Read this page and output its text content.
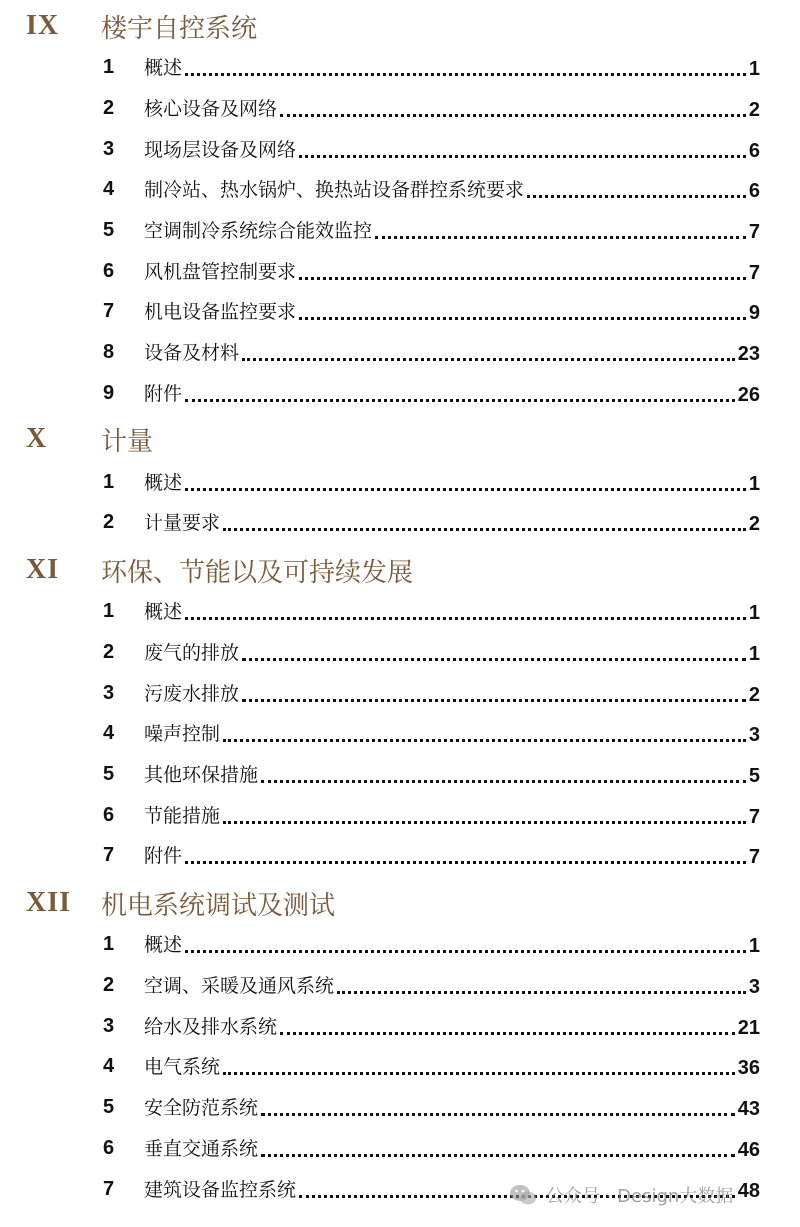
IX 楼宇自控系统
1 概述	1
2 核心设备及网络	2
3 现场层设备及网络	6
4 制冷站、热水锅炉、换热站设备群控系统要求	6
5 空调制冷系统综合能效监控	7
6 风机盘管控制要求	7
7 机电设备监控要求	9
8 设备及材料	23
9 附件	26
X 计量
1 概述	1
2 计量要求	2
XI 环保、节能以及可持续发展
1 概述	1
2 废气的排放	1
3 污废水排放	2
4 噪声控制	3
5 其他环保措施	5
6 节能措施	7
7 附件	7
XII 机电系统调试及测试
1 概述	1
2 空调、采暖及通风系统	3
3 给水及排水系统	21
4 电气系统	36
5 安全防范系统	43
6 垂直交通系统	46
7 建筑设备监控系统	48
公众号 · Design大数据
